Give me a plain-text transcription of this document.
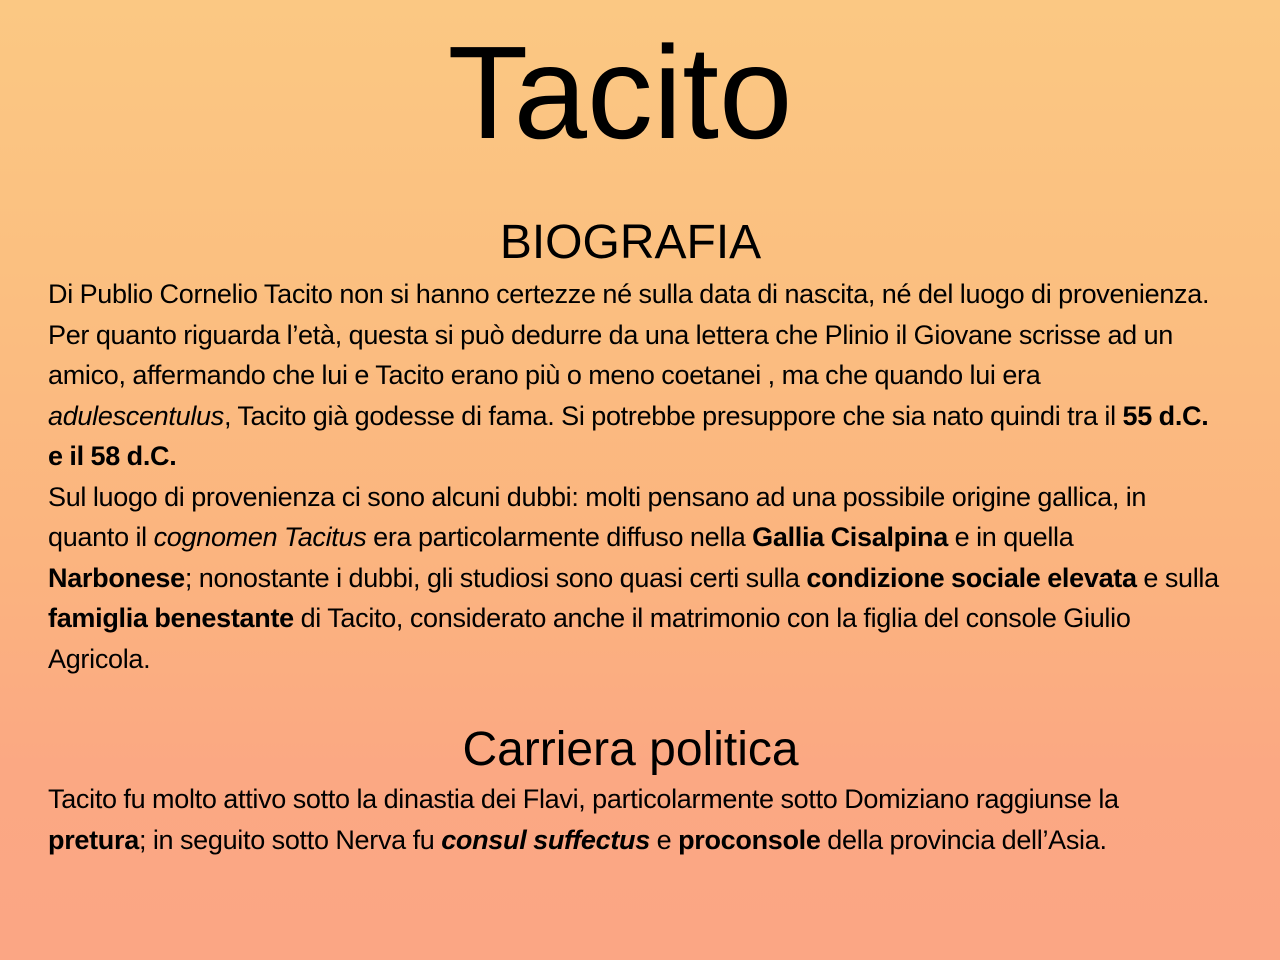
Tacito
BIOGRAFIA

Di Publio Cornelio Tacito non si hanno certezze né sulla data di nascita, né del luogo di provenienza. Per quanto riguarda l’età, questa si può dedurre da una lettera che Plinio il Giovane scrisse ad un amico, affermando che lui e Tacito erano più o meno coetanei , ma che quando lui era adulescentulus, Tacito già godesse di fama. Si potrebbe presuppore che sia nato quindi tra il 55 d.C. e il 58 d.C.

Sul luogo di provenienza ci sono alcuni dubbi: molti pensano ad una possibile origine gallica, in quanto il cognomen Tacitus era particolarmente diffuso nella Gallia Cisalpina e in quella Narbonese; nonostante i dubbi, gli studiosi sono quasi certi sulla condizione sociale elevata e sulla famiglia benestante di Tacito, considerato anche il matrimonio con la figlia del console Giulio Agricola.

Carriera politica

Tacito fu molto attivo sotto la dinastia dei Flavi, particolarmente sotto Domiziano raggiunse la pretura; in seguito sotto Nerva fu consul suffectus e proconsole della provincia dell’Asia.
